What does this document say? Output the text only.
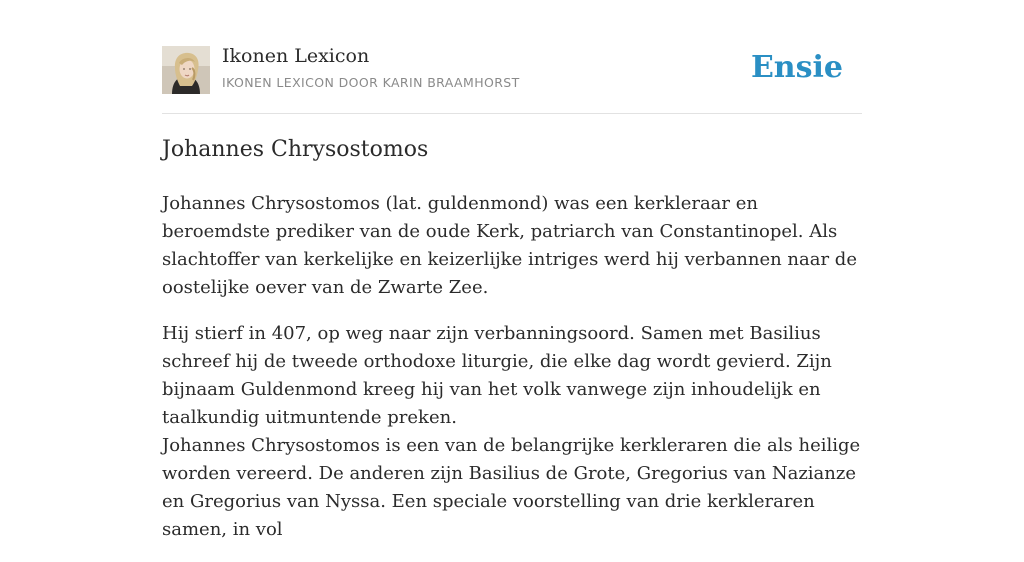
Ikonen Lexicon
IKONEN LEXICON DOOR KARIN BRAAMHORST	Ensie
Johannes Chrysostomos

Johannes Chrysostomos (lat. guldenmond) was een kerkleraar en beroemdste prediker van de oude Kerk, patriarch van Constantinopel. Als slachtoffer van kerkelijke en keizerlijke intriges werd hij verbannen naar de oostelijke oever van de Zwarte Zee.

Hij stierf in 407, op weg naar zijn verbanningsoord. Samen met Basilius schreef hij de tweede orthodoxe liturgie, die elke dag wordt gevierd. Zijn bijnaam Guldenmond kreeg hij van het volk vanwege zijn inhoudelijk en taalkundig uitmuntende preken.

Johannes Chrysostomos is een van de belangrijke kerkleraren die als heilige worden vereerd. De anderen zijn Basilius de Grote, Gregorius van Nazianze en Gregorius van Nyssa. Een speciale voorstelling van drie kerkleraren samen, in vol
